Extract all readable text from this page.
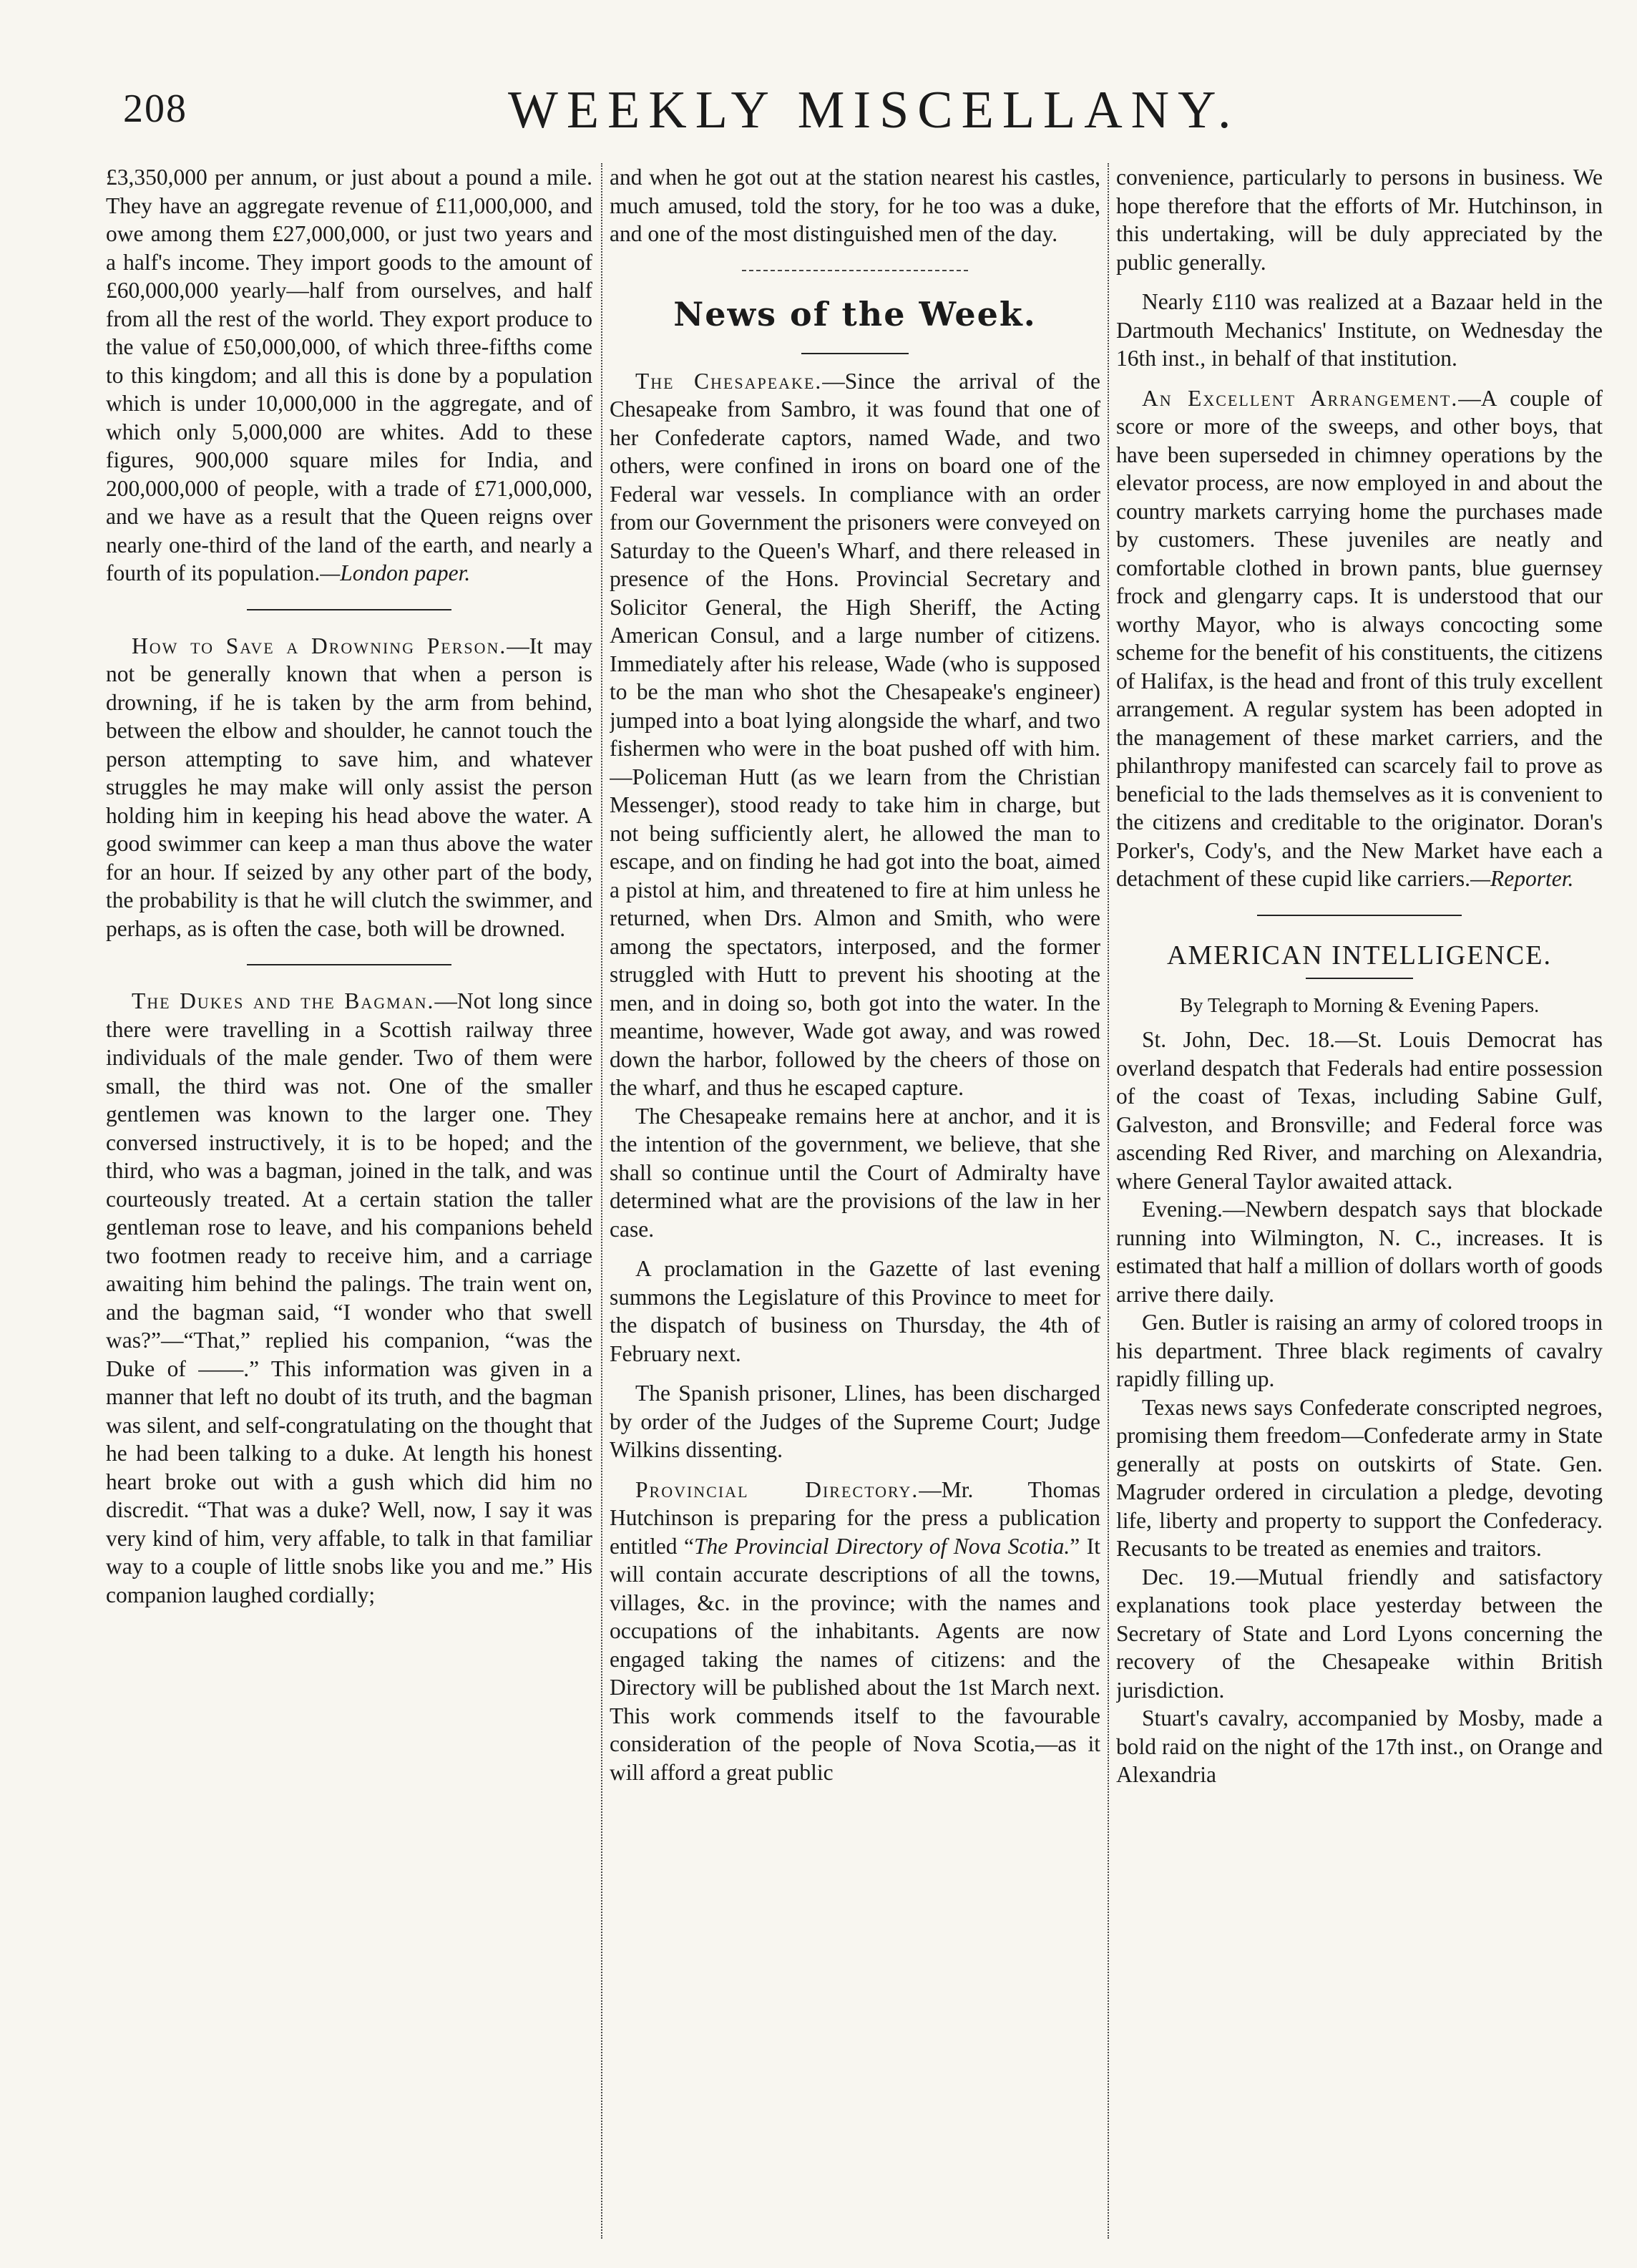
208	WEEKLY MISCELLANY.

£3,350,000 per annum, or just about a pound a mile. They have an aggregate revenue of £11,000,000, and owe among them £27,000,000, or just two years and a half's income. They import goods to the amount of £60,000,000 yearly—half from ourselves, and half from all the rest of the world. They export produce to the value of £50,000,000, of which three-fifths come to this kingdom; and all this is done by a population which is under 10,000,000 in the aggregate, and of which only 5,000,000 are whites. Add to these figures, 900,000 square miles for India, and 200,000,000 of people, with a trade of £71,000,000, and we have as a result that the Queen reigns over nearly one-third of the land of the earth, and nearly a fourth of its population.—London paper.

How to Save a Drowning Person.—It may not be generally known that when a person is drowning, if he is taken by the arm from behind, between the elbow and shoulder, he cannot touch the person attempting to save him, and whatever struggles he may make will only assist the person holding him in keeping his head above the water. A good swimmer can keep a man thus above the water for an hour. If seized by any other part of the body, the probability is that he will clutch the swimmer, and perhaps, as is often the case, both will be drowned.

The Dukes and the Bagman.—Not long since there were travelling in a Scottish railway three individuals of the male gender. Two of them were small, the third was not. One of the smaller gentlemen was known to the larger one. They conversed instructively, it is to be hoped; and the third, who was a bagman, joined in the talk, and was courteously treated. At a certain station the taller gentleman rose to leave, and his companions beheld two footmen ready to receive him, and a carriage awaiting him behind the palings. The train went on, and the bagman said, “I wonder who that swell was?”—“That,” replied his companion, “was the Duke of ——.” This information was given in a manner that left no doubt of its truth, and the bagman was silent, and self-congratulating on the thought that he had been talking to a duke. At length his honest heart broke out with a gush which did him no discredit. “That was a duke? Well, now, I say it was very kind of him, very affable, to talk in that familiar way to a couple of little snobs like you and me.” His companion laughed cordially;

and when he got out at the station nearest his castles, much amused, told the story, for he too was a duke, and one of the most distinguished men of the day.

News of the Week.

The Chesapeake.—Since the arrival of the Chesapeake from Sambro, it was found that one of her Confederate captors, named Wade, and two others, were confined in irons on board one of the Federal war vessels. In compliance with an order from our Government the prisoners were conveyed on Saturday to the Queen's Wharf, and there released in presence of the Hons. Provincial Secretary and Solicitor General, the High Sheriff, the Acting American Consul, and a large number of citizens. Immediately after his release, Wade (who is supposed to be the man who shot the Chesapeake's engineer) jumped into a boat lying alongside the wharf, and two fishermen who were in the boat pushed off with him.—Policeman Hutt (as we learn from the Christian Messenger), stood ready to take him in charge, but not being sufficiently alert, he allowed the man to escape, and on finding he had got into the boat, aimed a pistol at him, and threatened to fire at him unless he returned, when Drs. Almon and Smith, who were among the spectators, interposed, and the former struggled with Hutt to prevent his shooting at the men, and in doing so, both got into the water. In the meantime, however, Wade got away, and was rowed down the harbor, followed by the cheers of those on the wharf, and thus he escaped capture.

The Chesapeake remains here at anchor, and it is the intention of the government, we believe, that she shall so continue until the Court of Admiralty have determined what are the provisions of the law in her case.

A proclamation in the Gazette of last evening summons the Legislature of this Province to meet for the dispatch of business on Thursday, the 4th of February next.

The Spanish prisoner, Llines, has been discharged by order of the Judges of the Supreme Court; Judge Wilkins dissenting.

Provincial Directory.—Mr. Thomas Hutchinson is preparing for the press a publication entitled “The Provincial Directory of Nova Scotia.” It will contain accurate descriptions of all the towns, villages, &c. in the province; with the names and occupations of the inhabitants. Agents are now engaged taking the names of citizens: and the Directory will be published about the 1st March next. This work commends itself to the favourable consideration of the people of Nova Scotia,—as it will afford a great public

convenience, particularly to persons in business. We hope therefore that the efforts of Mr. Hutchinson, in this undertaking, will be duly appreciated by the public generally.

Nearly £110 was realized at a Bazaar held in the Dartmouth Mechanics' Institute, on Wednesday the 16th inst., in behalf of that institution.

An Excellent Arrangement.—A couple of score or more of the sweeps, and other boys, that have been superseded in chimney operations by the elevator process, are now employed in and about the country markets carrying home the purchases made by customers. These juveniles are neatly and comfortable clothed in brown pants, blue guernsey frock and glengarry caps. It is understood that our worthy Mayor, who is always concocting some scheme for the benefit of his constituents, the citizens of Halifax, is the head and front of this truly excellent arrangement. A regular system has been adopted in the management of these market carriers, and the philanthropy manifested can scarcely fail to prove as beneficial to the lads themselves as it is convenient to the citizens and creditable to the originator. Doran's Porker's, Cody's, and the New Market have each a detachment of these cupid like carriers.—Reporter.

AMERICAN INTELLIGENCE.
By Telegraph to Morning & Evening Papers.

St. John, Dec. 18.—St. Louis Democrat has overland despatch that Federals had entire possession of the coast of Texas, including Sabine Gulf, Galveston, and Bronsville; and Federal force was ascending Red River, and marching on Alexandria, where General Taylor awaited attack.

Evening.—Newbern despatch says that blockade running into Wilmington, N. C., increases. It is estimated that half a million of dollars worth of goods arrive there daily.

Gen. Butler is raising an army of colored troops in his department. Three black regiments of cavalry rapidly filling up.

Texas news says Confederate conscripted negroes, promising them freedom—Confederate army in State generally at posts on outskirts of State. Gen. Magruder ordered in circulation a pledge, devoting life, liberty and property to support the Confederacy. Recusants to be treated as enemies and traitors.

Dec. 19.—Mutual friendly and satisfactory explanations took place yesterday between the Secretary of State and Lord Lyons concerning the recovery of the Chesapeake within British jurisdiction.

Stuart's cavalry, accompanied by Mosby, made a bold raid on the night of the 17th inst., on Orange and Alexandria
